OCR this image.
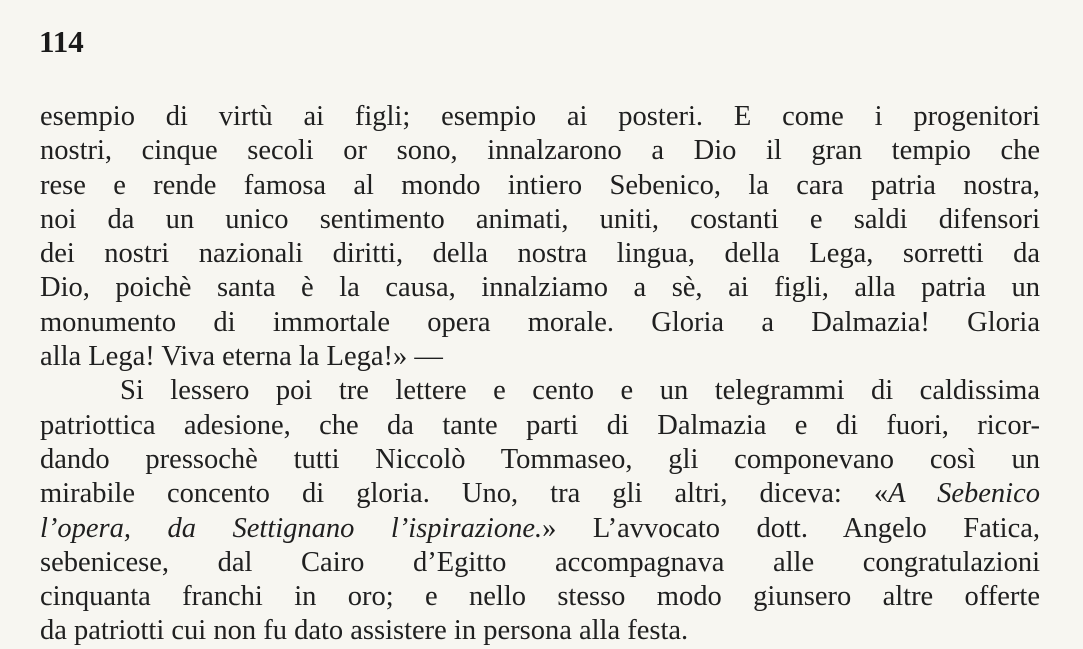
114
esempio di virtù ai figli; esempio ai posteri. E come i progenitori
nostri, cinque secoli or sono, innalzarono a Dio il gran tempio che
rese e rende famosa al mondo intiero Sebenico, la cara patria nostra,
noi da un unico sentimento animati, uniti, costanti e saldi difensori
dei nostri nazionali diritti, della nostra lingua, della Lega, sorretti da
Dio, poichè santa è la causa, innalziamo a sè, ai figli, alla patria un
monumento di immortale opera morale. Gloria a Dalmazia! Gloria
alla Lega! Viva eterna la Lega!» —
Si lessero poi tre lettere e cento e un telegrammi di caldissima
patriottica adesione, che da tante parti di Dalmazia e di fuori, ricor-
dando pressochè tutti Niccolò Tommaseo, gli componevano così un
mirabile concento di gloria. Uno, tra gli altri, diceva: «A Sebenico
l’opera, da Settignano l’ispirazione.» L’avvocato dott. Angelo Fatica,
sebenicese, dal Cairo d’Egitto accompagnava alle congratulazioni
cinquanta franchi in oro; e nello stesso modo giunsero altre offerte
da patriotti cui non fu dato assistere in persona alla festa.
